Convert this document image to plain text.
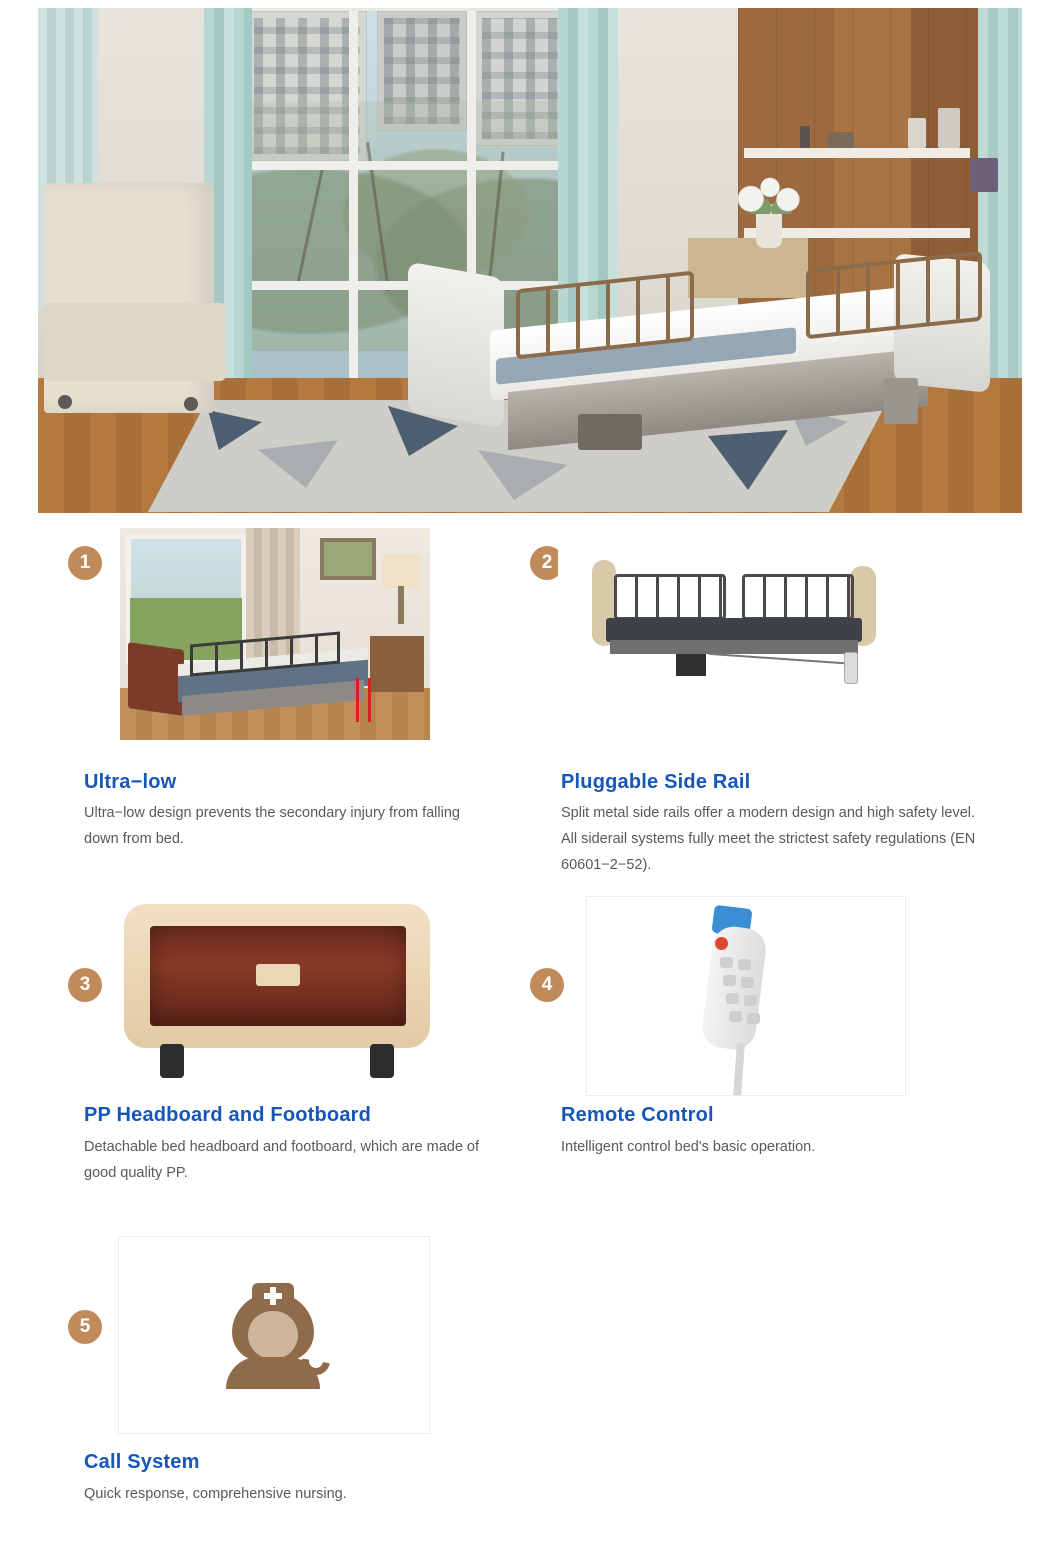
1
Ultra−low
Ultra−low design prevents the secondary injury from falling down from bed.
2
Pluggable Side Rail
Split metal side rails offer a modern design and high safety level. All siderail systems fully meet the strictest safety regulations (EN 60601−2−52).
3
PP Headboard and Footboard
Detachable bed headboard and footboard, which are made of good quality PP.
4
Remote Control
Intelligent control bed's basic operation.
5
Call System
Quick response, comprehensive nursing.
